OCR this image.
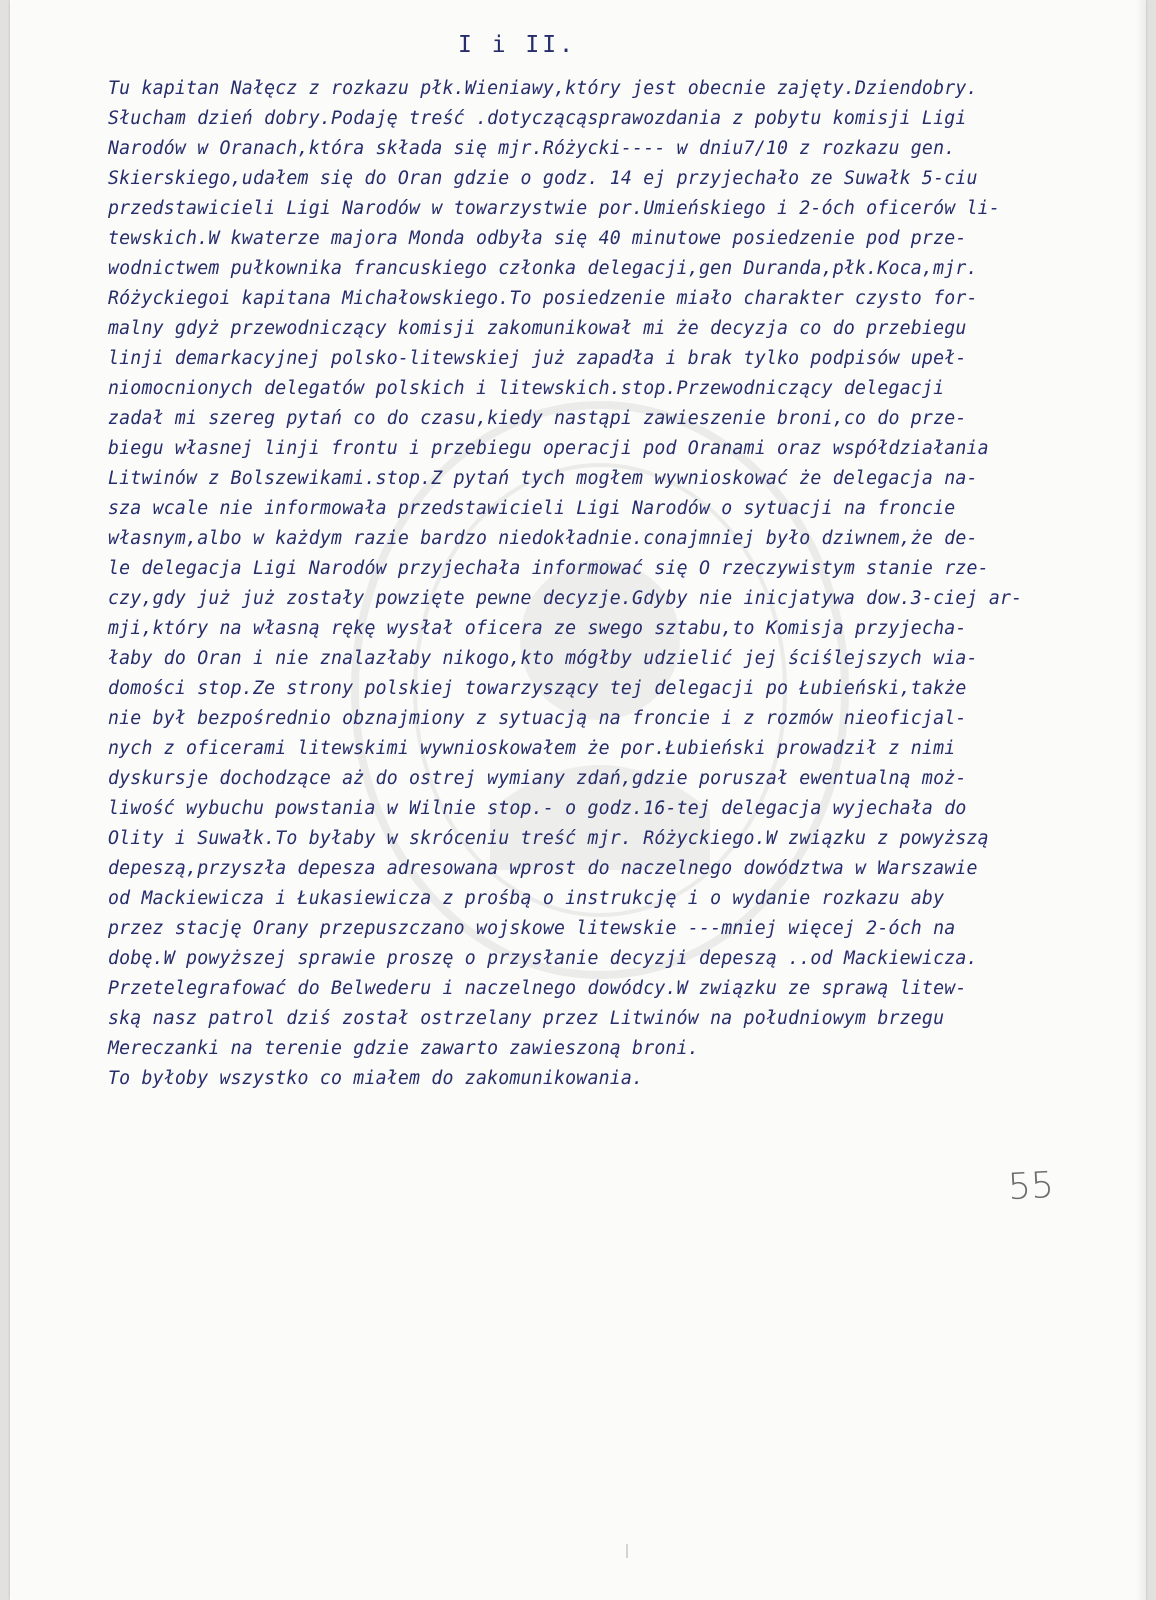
I i II.
Tu kapitan Nałęcz z rozkazu płk.Wieniawy,który jest obecnie zajęty.Dziendobry.
Słucham dzień dobry.Podaję treść .dotyczącąsprawozdania z pobytu komisji Ligi
Narodów w Oranach,która składa się mjr.Różycki---- w dniu7/10 z rozkazu gen.
Skierskiego,udałem się do Oran gdzie o godz. 14 ej przyjechało ze Suwałk 5-ciu
przedstawicieli Ligi Narodów w towarzystwie por.Umieńskiego i 2-óch oficerów li-
tewskich.W kwaterze majora Monda odbyła się 40 minutowe posiedzenie pod prze-
wodnictwem pułkownika francuskiego członka delegacji,gen Duranda,płk.Koca,mjr.
Różyckiegoi kapitana Michałowskiego.To posiedzenie miało charakter czysto for-
malny gdyż przewodniczący komisji zakomunikował mi że decyzja co do przebiegu
linji demarkacyjnej polsko-litewskiej już zapadła i brak tylko podpisów upeł-
niomocnionych delegatów polskich i litewskich.stop.Przewodniczący delegacji
zadał mi szereg pytań co do czasu,kiedy nastąpi zawieszenie broni,co do prze-
biegu własnej linji frontu i przebiegu operacji pod Oranami oraz współdziałania
Litwinów z Bolszewikami.stop.Z pytań tych mogłem wywnioskować że delegacja na-
sza wcale nie informowała przedstawicieli Ligi Narodów o sytuacji na froncie
własnym,albo w każdym razie bardzo niedokładnie.conajmniej było dziwnem,że de-
le delegacja Ligi Narodów przyjechała informować się O rzeczywistym stanie rze-
czy,gdy już już zostały powzięte pewne decyzje.Gdyby nie inicjatywa dow.3-ciej ar-
mji,który na własną rękę wysłał oficera ze swego sztabu,to Komisja przyjecha-
łaby do Oran i nie znalazłaby nikogo,kto mógłby udzielić jej ściślejszych wia-
domości stop.Ze strony polskiej towarzyszący tej delegacji po Łubieński,także
nie był bezpośrednio obznajmiony z sytuacją na froncie i z rozmów nieoficjal-
nych z oficerami litewskimi wywnioskowałem że por.Łubieński prowadził z nimi
dyskursje dochodzące aż do ostrej wymiany zdań,gdzie poruszał ewentualną moż-
liwość wybuchu powstania w Wilnie stop.- o godz.16-tej delegacja wyjechała do
Olity i Suwałk.To byłaby w skróceniu treść mjr. Różyckiego.W związku z powyższą
depeszą,przyszła depesza adresowana wprost do naczelnego dowództwa w Warszawie
od Mackiewicza i Łukasiewicza z prośbą o instrukcję i o wydanie rozkazu aby
przez stację Orany przepuszczano wojskowe litewskie ---mniej więcej 2-óch na
dobę.W powyższej sprawie proszę o przysłanie decyzji depeszą ..od Mackiewicza.
Przetelegrafować do Belwederu i naczelnego dowódcy.W związku ze sprawą litew-
ską nasz patrol dziś został ostrzelany przez Litwinów na południowym brzegu
Mereczanki na terenie gdzie zawarto zawieszoną broni.
To byłoby wszystko co miałem do zakomunikowania.
55
